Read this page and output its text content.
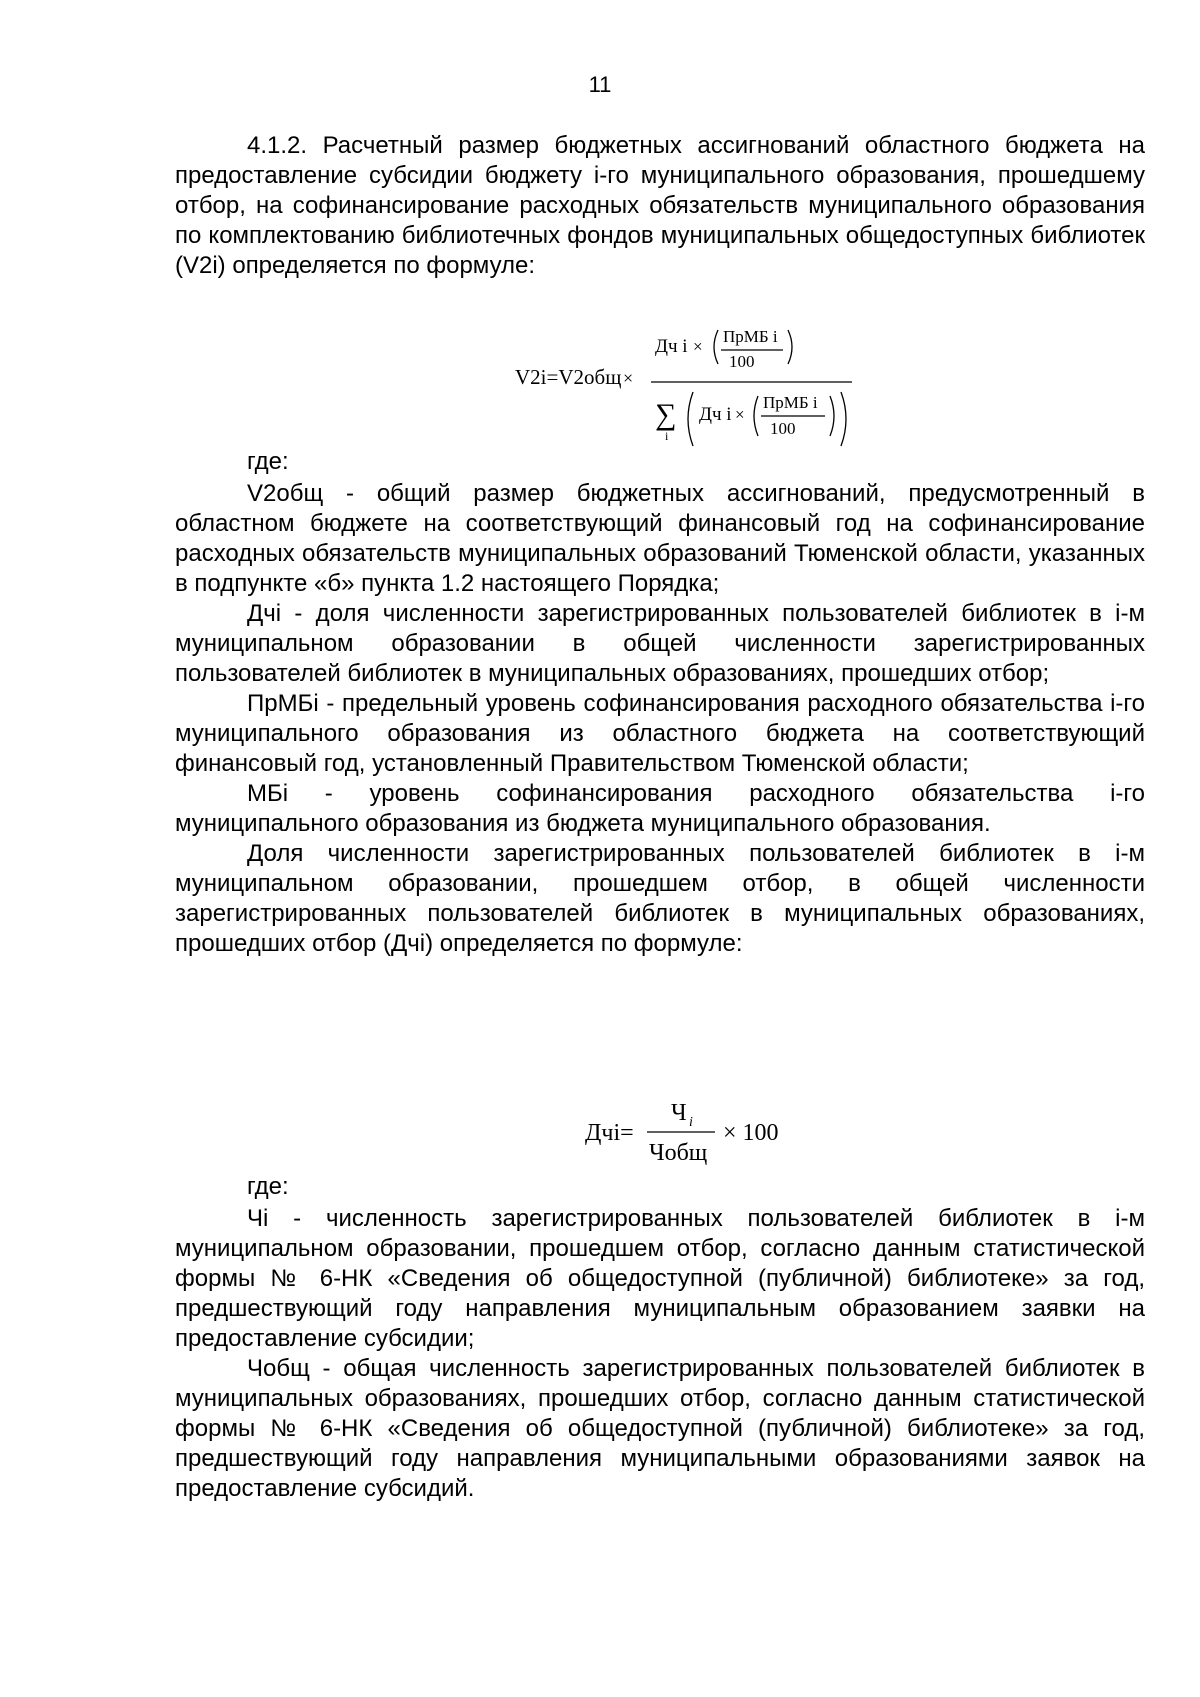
11

4.1.2. Расчетный размер бюджетных ассигнований областного бюджета на предоставление субсидии бюджету i-го муниципального образования, прошедшему отбор, на софинансирование расходных обязательств муниципального образования по комплектованию библиотечных фондов муниципальных общедоступных библиотек (V2i) определяется по формуле:

V2i=V2общ ×
Дч i ×
ПрМБ i
100
∑
i
Дч i ×
ПрМБ i
100

где:

V2общ - общий размер бюджетных ассигнований, предусмотренный в областном бюджете на соответствующий финансовый год на софинансирование расходных обязательств муниципальных образований Тюменской области, указанных в подпункте «б» пункта 1.2 настоящего Порядка;

Дчi - доля численности зарегистрированных пользователей библиотек в i-м муниципальном образовании в общей численности зарегистрированных пользователей библиотек в муниципальных образованиях, прошедших отбор;

ПрМБi - предельный уровень софинансирования расходного обязательства i-го муниципального образования из областного бюджета на соответствующий финансовый год, установленный Правительством Тюменской области;

МБi - уровень софинансирования расходного обязательства i-го муниципального образования из бюджета муниципального образования.

Доля численности зарегистрированных пользователей библиотек в i-м муниципальном образовании, прошедшем отбор, в общей численности зарегистрированных пользователей библиотек в муниципальных образованиях, прошедших отбор (Дчi) определяется по формуле:

Дчi=
Ч i
Чобщ
× 100

где:

Чi - численность зарегистрированных пользователей библиотек в i-м муниципальном образовании, прошедшем отбор, согласно данным статистической формы № 6-НК «Сведения об общедоступной (публичной) библиотеке» за год, предшествующий году направления муниципальным образованием заявки на предоставление субсидии;

Чобщ - общая численность зарегистрированных пользователей библиотек в муниципальных образованиях, прошедших отбор, согласно данным статистической формы № 6-НК «Сведения об общедоступной (публичной) библиотеке» за год, предшествующий году направления муниципальными образованиями заявок на предоставление субсидий.
